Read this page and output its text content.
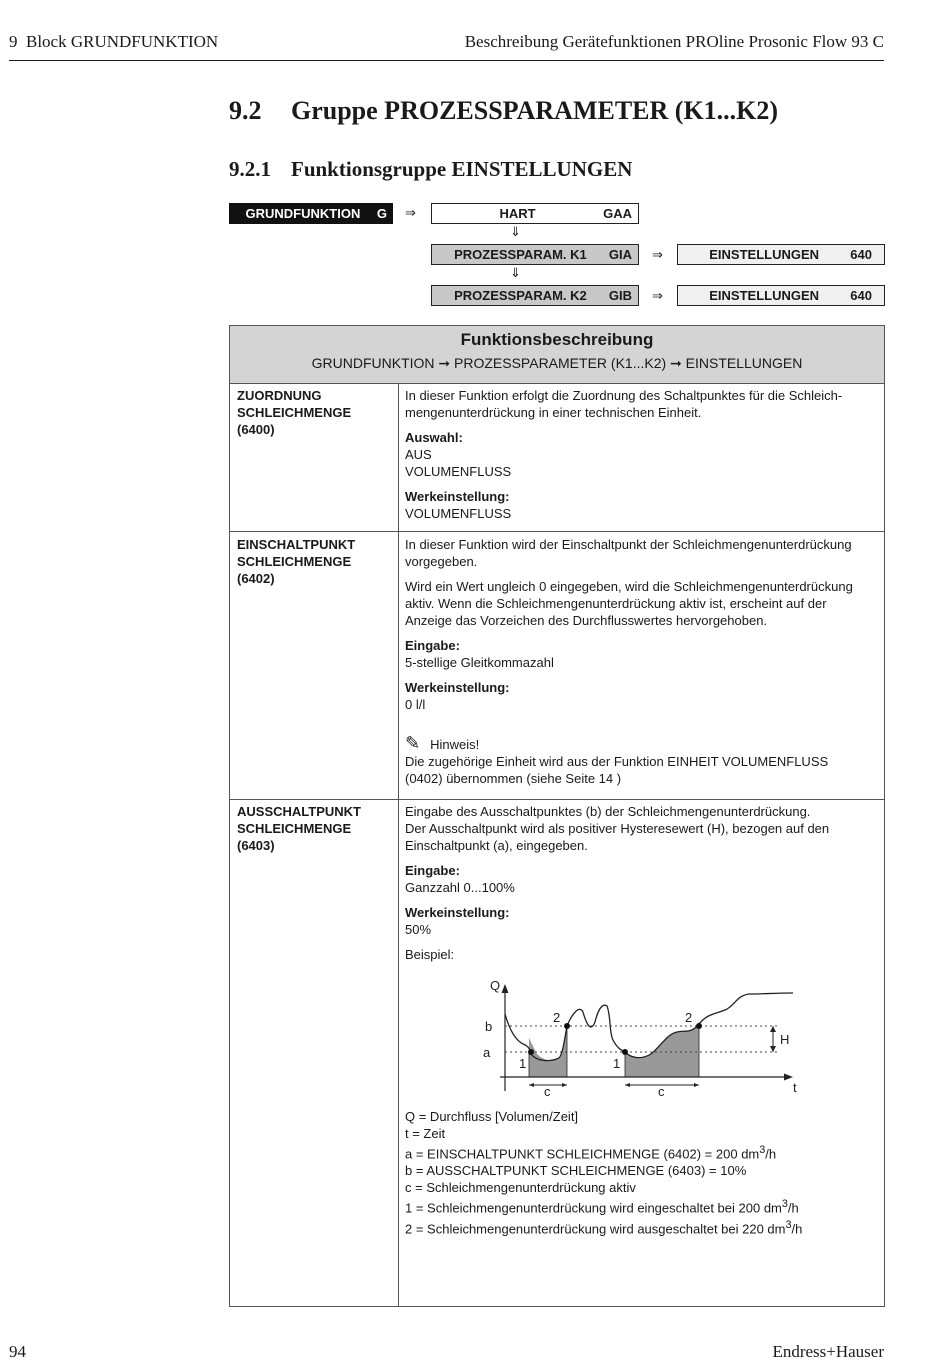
9  Block GRUNDFUNKTION	Beschreibung Gerätefunktionen PROline Prosonic Flow 93 C
9.2 Gruppe PROZESSPARAMETER (K1...K2)
9.2.1 Funktionsgruppe EINSTELLUNGEN
GRUNDFUNKTION	G	⇒	HART	GAA
⇓
PROZESSPARAM. K1	GIA	⇒	EINSTELLUNGEN	640
⇓
PROZESSPARAM. K2	GIB	⇒	EINSTELLUNGEN	640
Funktionsbeschreibung
GRUNDFUNKTION ➞ PROZESSPARAMETER (K1...K2) ➞ EINSTELLUNGEN
ZUORDNUNG
SCHLEICHMENGE
(6400)

In dieser Funktion erfolgt die Zuordnung des Schaltpunktes für die Schleich-
mengenunterdrückung in einer technischen Einheit.

Auswahl:
AUS
VOLUMENFLUSS

Werkeinstellung:
VOLUMENFLUSS

EINSCHALTPUNKT
SCHLEICHMENGE
(6402)

In dieser Funktion wird der Einschaltpunkt der Schleichmengenunterdrückung
vorgegeben.

Wird ein Wert ungleich 0 eingegeben, wird die Schleichmengenunterdrückung
aktiv. Wenn die Schleichmengenunterdrückung aktiv ist, erscheint auf der
Anzeige das Vorzeichen des Durchflusswertes hervorgehoben.

Eingabe:
5-stellige Gleitkommazahl

Werkeinstellung:
0 l/l

✎ Hinweis!
Die zugehörige Einheit wird aus der Funktion EINHEIT VOLUMENFLUSS
(0402) übernommen (siehe Seite 14 )

AUSSCHALTPUNKT
SCHLEICHMENGE
(6403)

Eingabe des Ausschaltpunktes (b) der Schleichmengenunterdrückung.
Der Ausschaltpunkt wird als positiver Hysteresewert (H), bezogen auf den
Einschaltpunkt (a), eingegeben.

Eingabe:
Ganzzahl 0...100%

Werkeinstellung:
50%

Beispiel:

Q
t
b
a
H
1	1
2	2
c	c
Q = Durchfluss [Volumen/Zeit]
t = Zeit
a = EINSCHALTPUNKT SCHLEICHMENGE (6402) = 200 $dm^3/h$
b = AUSSCHALTPUNKT SCHLEICHMENGE (6403) = 10%
c = Schleichmengenunterdrückung aktiv
1 = Schleichmengenunterdrückung wird eingeschaltet bei 200 $dm^3/h$
2 = Schleichmengenunterdrückung wird ausgeschaltet bei 220 $dm^3/h$
94	Endress+Hauser
